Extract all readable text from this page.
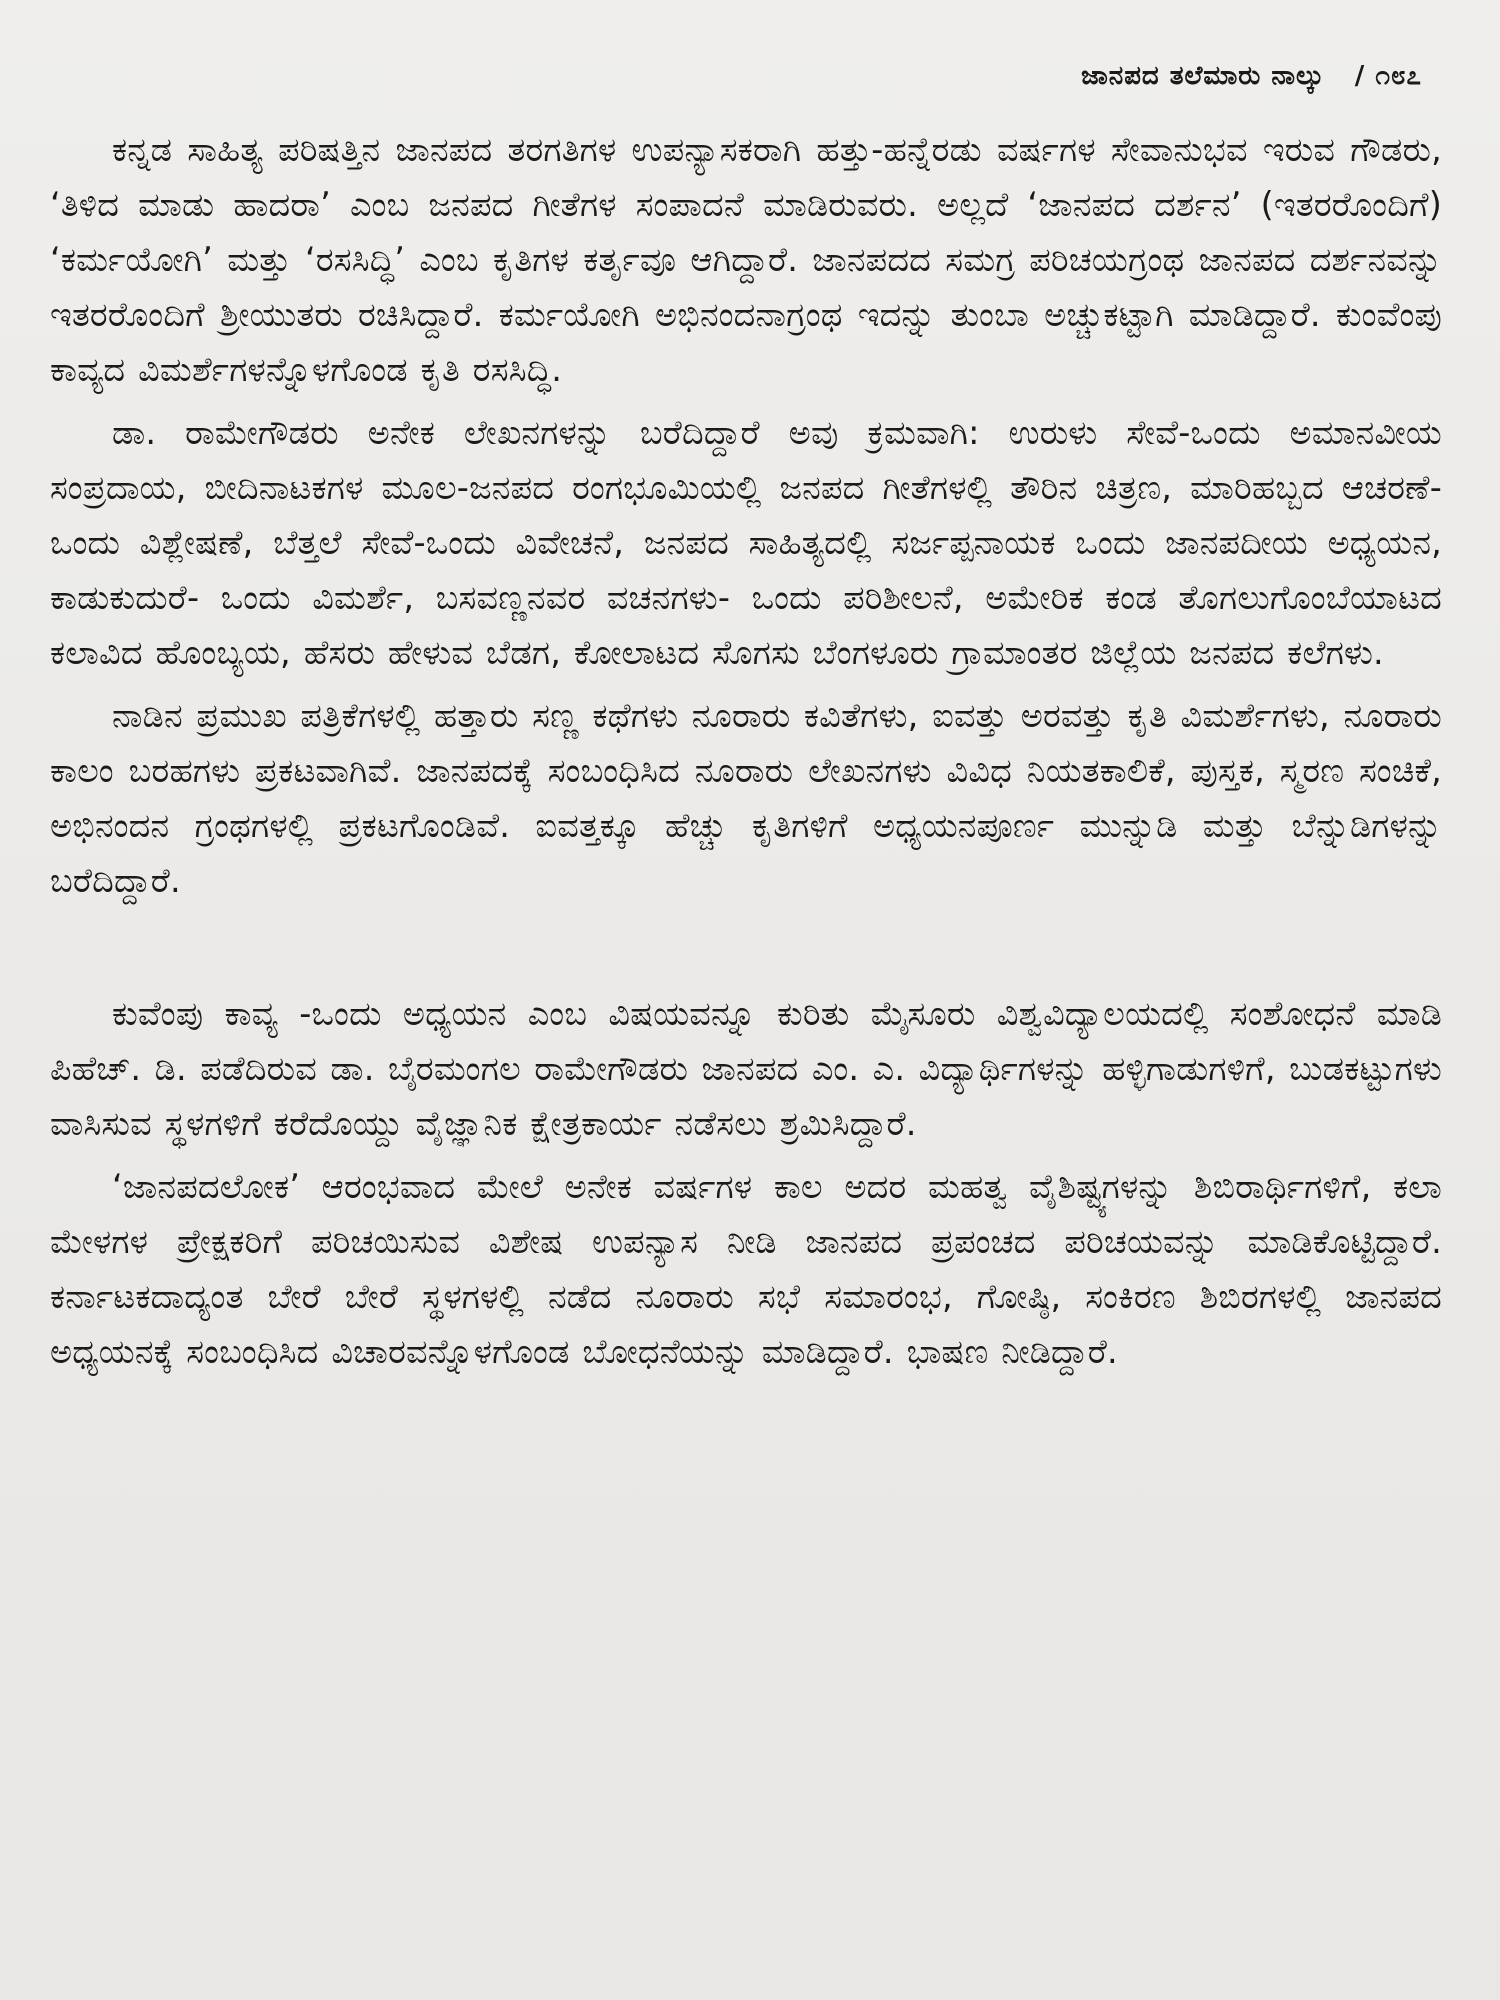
ಜಾನಪದ ತಲೆಮಾರು ನಾಲ್ಕು / ೧೮೭

ಕನ್ನಡ ಸಾಹಿತ್ಯ ಪರಿಷತ್ತಿನ ಜಾನಪದ ತರಗತಿಗಳ ಉಪನ್ಯಾಸಕರಾಗಿ ಹತ್ತು-ಹನ್ನೆರಡು ವರ್ಷಗಳ ಸೇವಾನುಭವ ಇರುವ ಗೌಡರು, ‘ತಿಳಿದ ಮಾಡು ಹಾದರಾ’ ಎಂಬ ಜನಪದ ಗೀತೆಗಳ ಸಂಪಾದನೆ ಮಾಡಿರುವರು. ಅಲ್ಲದೆ ‘ಜಾನಪದ ದರ್ಶನ’ (ಇತರರೊಂದಿಗೆ) ‘ಕರ್ಮಯೋಗಿ’ ಮತ್ತು ‘ರಸಸಿದ್ಧಿ’ ಎಂಬ ಕೃತಿಗಳ ಕರ್ತೃವೂ ಆಗಿದ್ದಾರೆ. ಜಾನಪದದ ಸಮಗ್ರ ಪರಿಚಯಗ್ರಂಥ ಜಾನಪದ ದರ್ಶನವನ್ನು ಇತರರೊಂದಿಗೆ ಶ್ರೀಯುತರು ರಚಿಸಿದ್ದಾರೆ. ಕರ್ಮಯೋಗಿ ಅಭಿನಂದನಾಗ್ರಂಥ ಇದನ್ನು ತುಂಬಾ ಅಚ್ಚುಕಟ್ಟಾಗಿ ಮಾಡಿದ್ದಾರೆ. ಕುಂವೆಂಪು ಕಾವ್ಯದ ವಿಮರ್ಶೆಗಳನ್ನೊಳಗೊಂಡ ಕೃತಿ ರಸಸಿದ್ಧಿ.

ಡಾ. ರಾಮೇಗೌಡರು ಅನೇಕ ಲೇಖನಗಳನ್ನು ಬರೆದಿದ್ದಾರೆ ಅವು ಕ್ರಮವಾಗಿ: ಉರುಳು ಸೇವೆ-ಒಂದು ಅಮಾನವೀಯ ಸಂಪ್ರದಾಯ, ಬೀದಿನಾಟಕಗಳ ಮೂಲ-ಜನಪದ ರಂಗಭೂಮಿಯಲ್ಲಿ ಜನಪದ ಗೀತೆಗಳಲ್ಲಿ ತೌರಿನ ಚಿತ್ರಣ, ಮಾರಿಹಬ್ಬದ ಆಚರಣೆ-ಒಂದು ವಿಶ್ಲೇಷಣೆ, ಬೆತ್ತಲೆ ಸೇವೆ-ಒಂದು ವಿವೇಚನೆ, ಜನಪದ ಸಾಹಿತ್ಯದಲ್ಲಿ ಸರ್ಜಪ್ಪನಾಯಕ ಒಂದು ಜಾನಪದೀಯ ಅಧ್ಯಯನ, ಕಾಡುಕುದುರೆ- ಒಂದು ವಿಮರ್ಶೆ, ಬಸವಣ್ಣನವರ ವಚನಗಳು- ಒಂದು ಪರಿಶೀಲನೆ, ಅಮೇರಿಕ ಕಂಡ ತೊಗಲುಗೊಂಬೆಯಾಟದ ಕಲಾವಿದ ಹೊಂಬ್ಯಯ, ಹೆಸರು ಹೇಳುವ ಬೆಡಗ, ಕೋಲಾಟದ ಸೊಗಸು ಬೆಂಗಳೂರು ಗ್ರಾಮಾಂತರ ಜಿಲ್ಲೆಯ ಜನಪದ ಕಲೆಗಳು.

ನಾಡಿನ ಪ್ರಮುಖ ಪತ್ರಿಕೆಗಳಲ್ಲಿ ಹತ್ತಾರು ಸಣ್ಣ ಕಥೆಗಳು ನೂರಾರು ಕವಿತೆಗಳು, ಐವತ್ತು ಅರವತ್ತು ಕೃತಿ ವಿಮರ್ಶೆಗಳು, ನೂರಾರು ಕಾಲಂ ಬರಹಗಳು ಪ್ರಕಟವಾಗಿವೆ. ಜಾನಪದಕ್ಕೆ ಸಂಬಂಧಿಸಿದ ನೂರಾರು ಲೇಖನಗಳು ವಿವಿಧ ನಿಯತಕಾಲಿಕೆ, ಪುಸ್ತಕ, ಸ್ಮರಣ ಸಂಚಿಕೆ, ಅಭಿನಂದನ ಗ್ರಂಥಗಳಲ್ಲಿ ಪ್ರಕಟಗೊಂಡಿವೆ. ಐವತ್ತಕ್ಕೂ ಹೆಚ್ಚು ಕೃತಿಗಳಿಗೆ ಅಧ್ಯಯನಪೂರ್ಣ ಮುನ್ನುಡಿ ಮತ್ತು ಬೆನ್ನುಡಿಗಳನ್ನು ಬರೆದಿದ್ದಾರೆ.

ಕುವೆಂಪು ಕಾವ್ಯ -ಒಂದು ಅಧ್ಯಯನ ಎಂಬ ವಿಷಯವನ್ನೂ ಕುರಿತು ಮೈಸೂರು ವಿಶ್ವವಿದ್ಯಾಲಯದಲ್ಲಿ ಸಂಶೋಧನೆ ಮಾಡಿ ಪಿಹೆಚ್. ಡಿ. ಪಡೆದಿರುವ ಡಾ. ಬೈರಮಂಗಲ ರಾಮೇಗೌಡರು ಜಾನಪದ ಎಂ. ಎ. ವಿದ್ಯಾರ್ಥಿಗಳನ್ನು ಹಳ್ಳಿಗಾಡುಗಳಿಗೆ, ಬುಡಕಟ್ಟುಗಳು ವಾಸಿಸುವ ಸ್ಥಳಗಳಿಗೆ ಕರೆದೊಯ್ದು ವೈಜ್ಞಾನಿಕ ಕ್ಷೇತ್ರಕಾರ್ಯ ನಡೆಸಲು ಶ್ರಮಿಸಿದ್ದಾರೆ.

‘ಜಾನಪದಲೋಕ’ ಆರಂಭವಾದ ಮೇಲೆ ಅನೇಕ ವರ್ಷಗಳ ಕಾಲ ಅದರ ಮಹತ್ವ ವೈಶಿಷ್ಟ್ಯಗಳನ್ನು ಶಿಬಿರಾರ್ಥಿಗಳಿಗೆ, ಕಲಾ ಮೇಳಗಳ ಪ್ರೇಕ್ಷಕರಿಗೆ ಪರಿಚಯಿಸುವ ವಿಶೇಷ ಉಪನ್ಯಾಸ ನೀಡಿ ಜಾನಪದ ಪ್ರಪಂಚದ ಪರಿಚಯವನ್ನು ಮಾಡಿಕೊಟ್ಟಿದ್ದಾರೆ. ಕರ್ನಾಟಕದಾದ್ಯಂತ ಬೇರೆ ಬೇರೆ ಸ್ಥಳಗಳಲ್ಲಿ ನಡೆದ ನೂರಾರು ಸಭೆ ಸಮಾರಂಭ, ಗೋಷ್ಠಿ, ಸಂಕಿರಣ ಶಿಬಿರಗಳಲ್ಲಿ ಜಾನಪದ ಅಧ್ಯಯನಕ್ಕೆ ಸಂಬಂಧಿಸಿದ ವಿಚಾರವನ್ನೊಳಗೊಂಡ ಬೋಧನೆಯನ್ನು ಮಾಡಿದ್ದಾರೆ. ಭಾಷಣ ನೀಡಿದ್ದಾರೆ.
